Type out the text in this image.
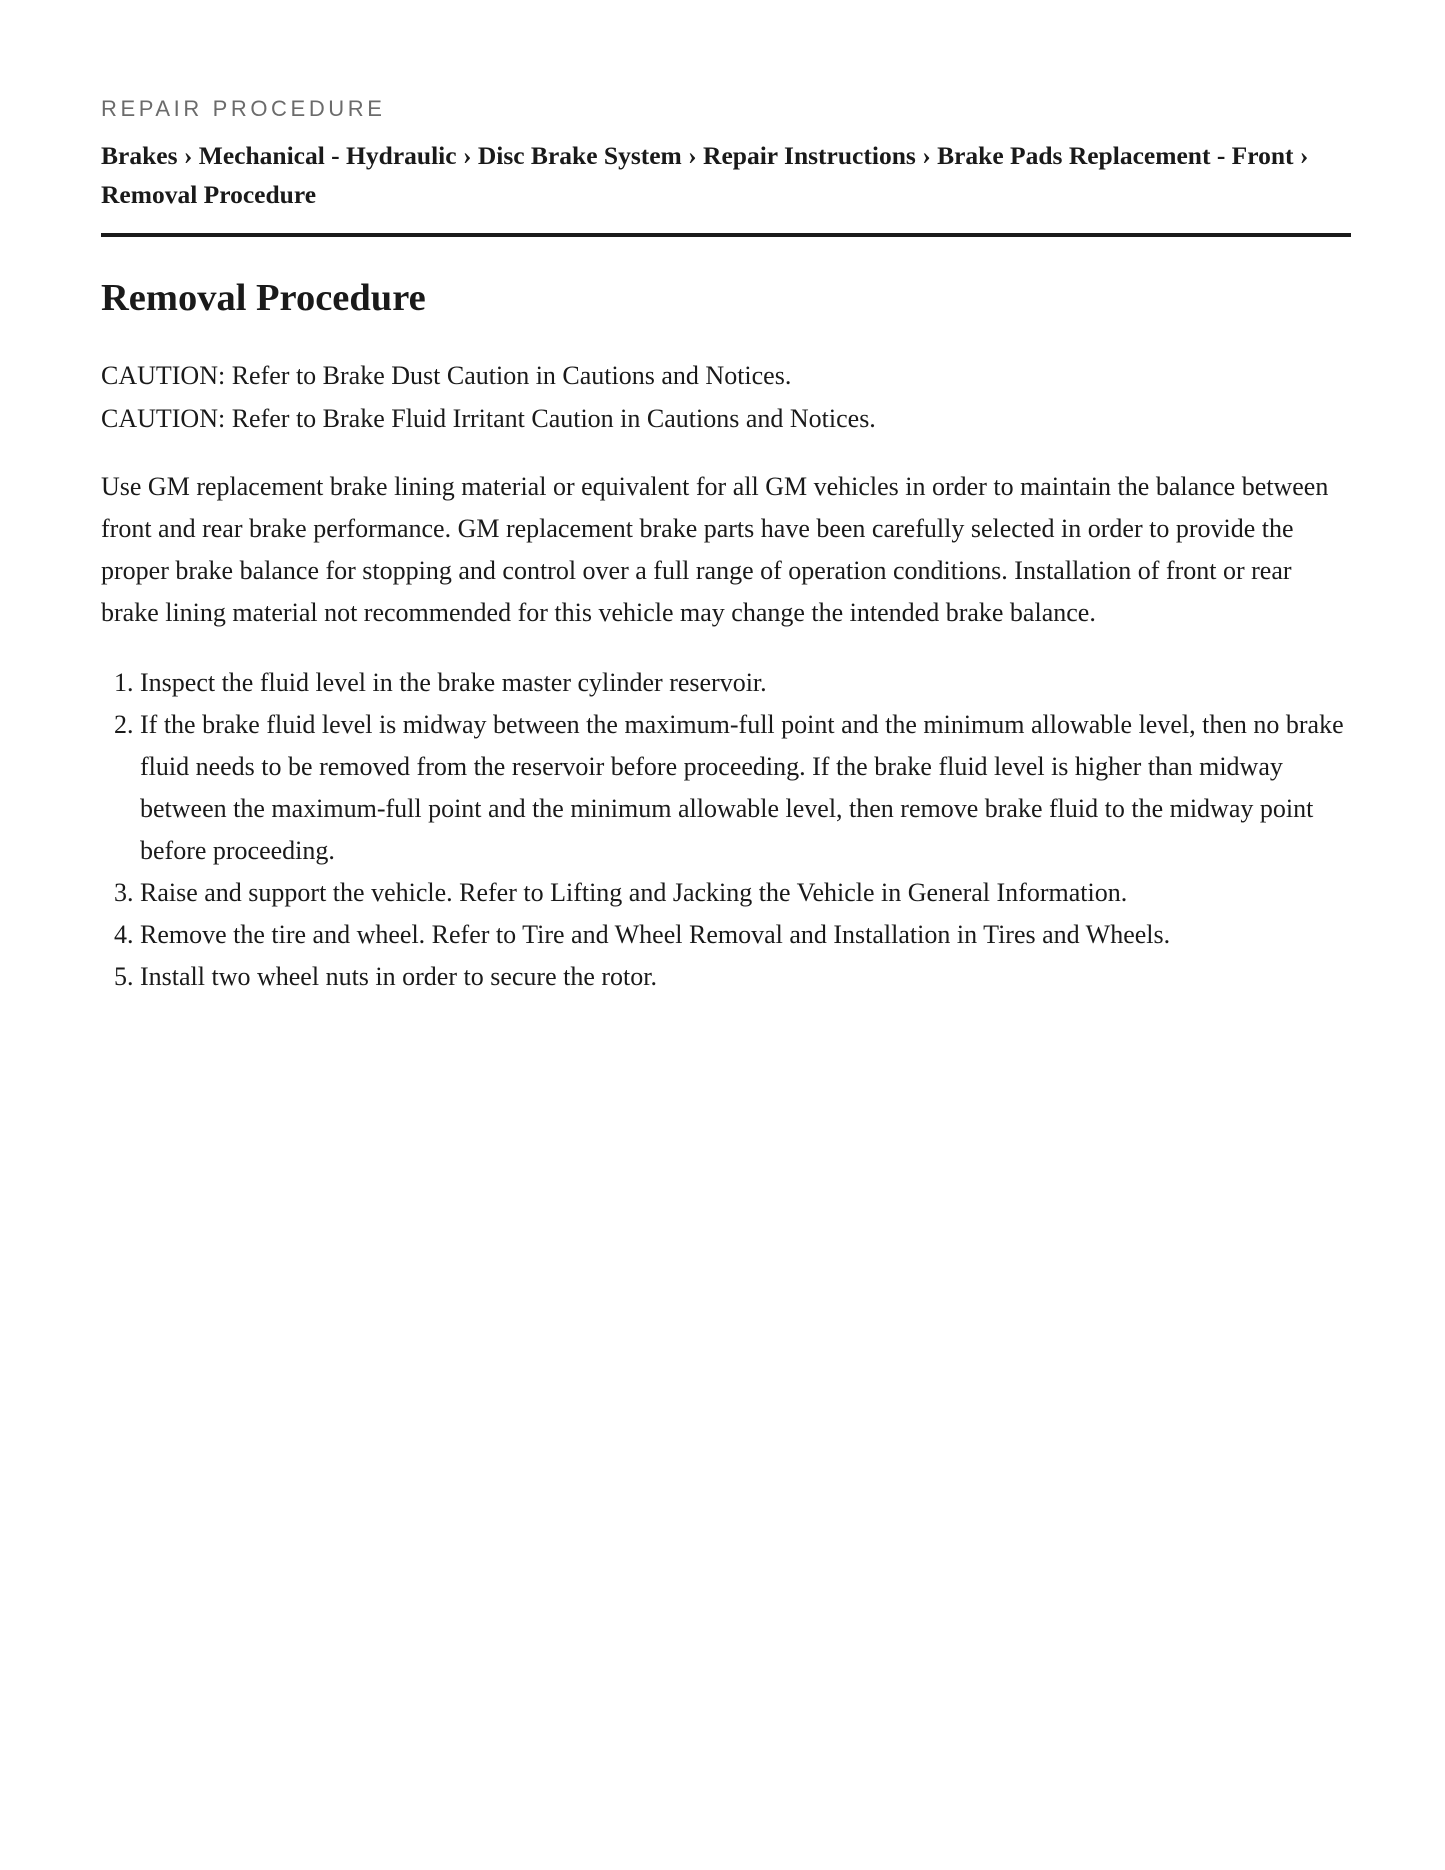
REPAIR PROCEDURE
Brakes › Mechanical - Hydraulic › Disc Brake System › Repair Instructions › Brake Pads Replacement - Front › Removal Procedure
Removal Procedure
CAUTION: Refer to Brake Dust Caution in Cautions and Notices.
CAUTION: Refer to Brake Fluid Irritant Caution in Cautions and Notices.

Use GM replacement brake lining material or equivalent for all GM vehicles in order to maintain the balance between front and rear brake performance. GM replacement brake parts have been carefully selected in order to provide the proper brake balance for stopping and control over a full range of operation conditions. Installation of front or rear brake lining material not recommended for this vehicle may change the intended brake balance.

1. Inspect the fluid level in the brake master cylinder reservoir.
2. If the brake fluid level is midway between the maximum-full point and the minimum allowable level, then no brake fluid needs to be removed from the reservoir before proceeding. If the brake fluid level is higher than midway between the maximum-full point and the minimum allowable level, then remove brake fluid to the midway point before proceeding.
3. Raise and support the vehicle. Refer to Lifting and Jacking the Vehicle in General Information.
4. Remove the tire and wheel. Refer to Tire and Wheel Removal and Installation in Tires and Wheels.
5. Install two wheel nuts in order to secure the rotor.
